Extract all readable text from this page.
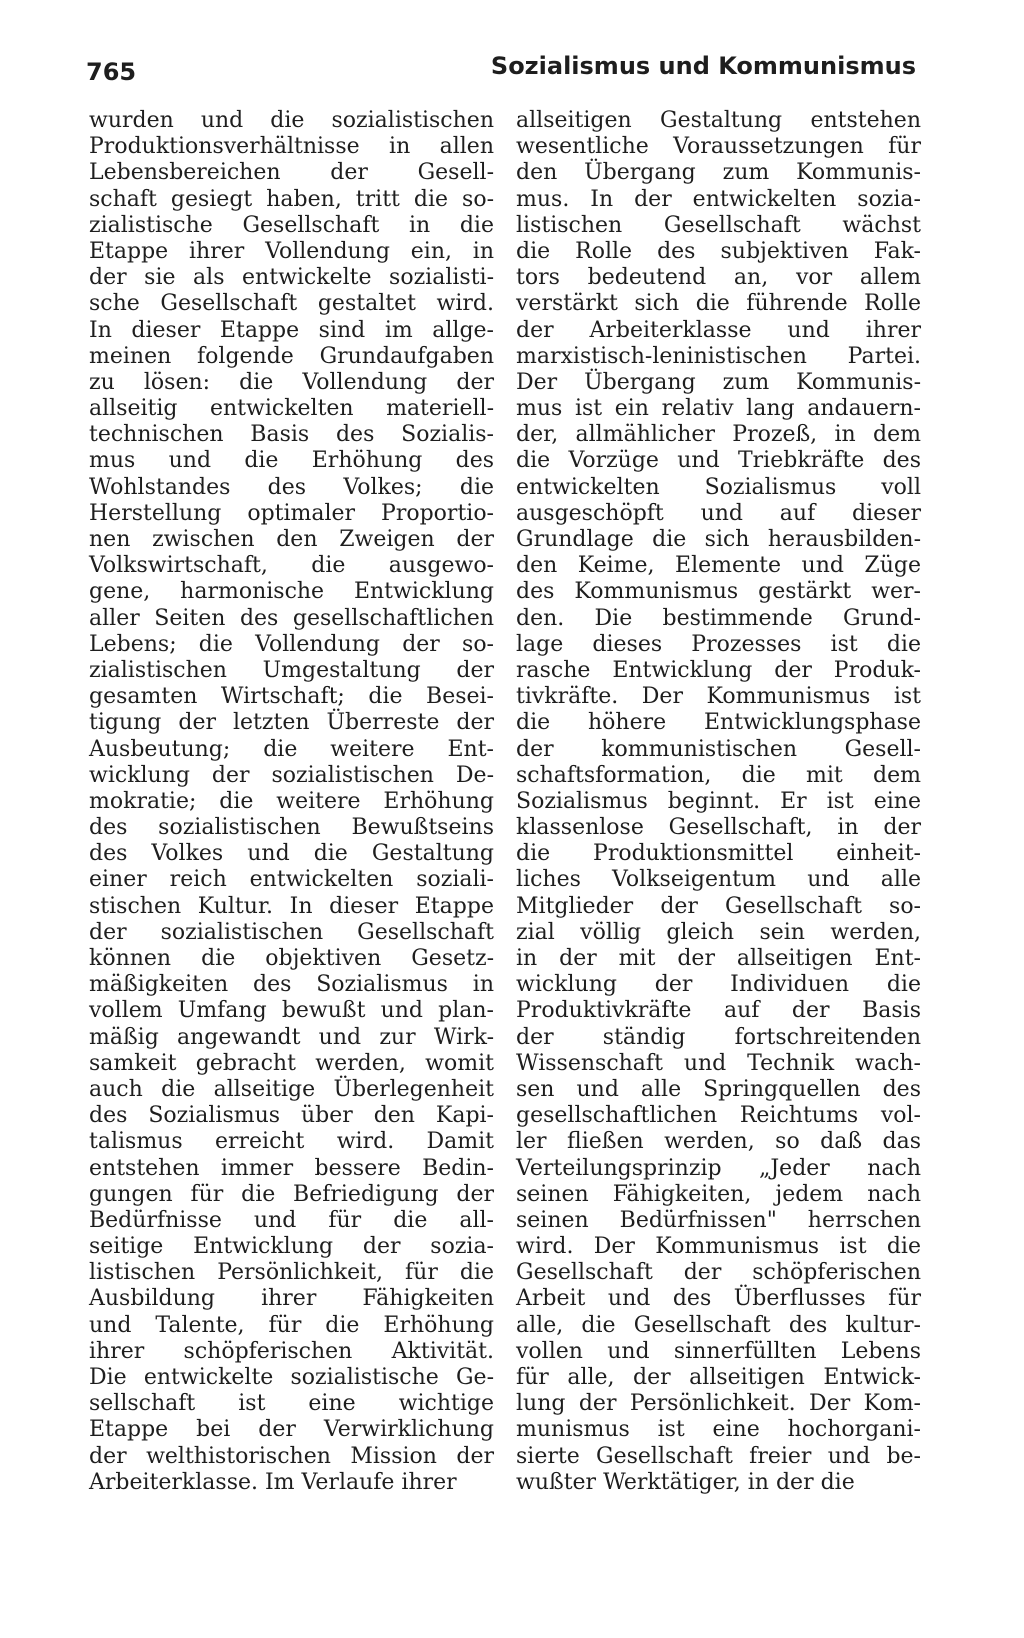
765	Sozialismus und Kommunismus
wurden und die sozialistischen
Produktionsverhältnisse in allen
Lebensbereichen der Gesell-
schaft gesiegt haben, tritt die so-
zialistische Gesellschaft in die
Etappe ihrer Vollendung ein, in
der sie als entwickelte sozialisti-
sche Gesellschaft gestaltet wird.
In dieser Etappe sind im allge-
meinen folgende Grundaufgaben
zu lösen: die Vollendung der
allseitig entwickelten materiell-
technischen Basis des Sozialis-
mus und die Erhöhung des
Wohlstandes des Volkes; die
Herstellung optimaler Proportio-
nen zwischen den Zweigen der
Volkswirtschaft, die ausgewo-
gene, harmonische Entwicklung
aller Seiten des gesellschaftlichen
Lebens; die Vollendung der so-
zialistischen Umgestaltung der
gesamten Wirtschaft; die Besei-
tigung der letzten Überreste der
Ausbeutung; die weitere Ent-
wicklung der sozialistischen De-
mokratie; die weitere Erhöhung
des sozialistischen Bewußtseins
des Volkes und die Gestaltung
einer reich entwickelten soziali-
stischen Kultur. In dieser Etappe
der sozialistischen Gesellschaft
können die objektiven Gesetz-
mäßigkeiten des Sozialismus in
vollem Umfang bewußt und plan-
mäßig angewandt und zur Wirk-
samkeit gebracht werden, womit
auch die allseitige Überlegenheit
des Sozialismus über den Kapi-
talismus erreicht wird. Damit
entstehen immer bessere Bedin-
gungen für die Befriedigung der
Bedürfnisse und für die all-
seitige Entwicklung der sozia-
listischen Persönlichkeit, für die
Ausbildung ihrer Fähigkeiten
und Talente, für die Erhöhung
ihrer schöpferischen Aktivität.
Die entwickelte sozialistische Ge-
sellschaft ist eine wichtige
Etappe bei der Verwirklichung
der welthistorischen Mission der
Arbeiterklasse. Im Verlaufe ihrer
allseitigen Gestaltung entstehen
wesentliche Voraussetzungen für
den Übergang zum Kommunis-
mus. In der entwickelten sozia-
listischen Gesellschaft wächst
die Rolle des subjektiven Fak-
tors bedeutend an, vor allem
verstärkt sich die führende Rolle
der Arbeiterklasse und ihrer
marxistisch-leninistischen Partei.
Der Übergang zum Kommunis-
mus ist ein relativ lang andauern-
der, allmählicher Prozeß, in dem
die Vorzüge und Triebkräfte des
entwickelten Sozialismus voll
ausgeschöpft und auf dieser
Grundlage die sich herausbilden-
den Keime, Elemente und Züge
des Kommunismus gestärkt wer-
den. Die bestimmende Grund-
lage dieses Prozesses ist die
rasche Entwicklung der Produk-
tivkräfte. Der Kommunismus ist
die höhere Entwicklungsphase
der kommunistischen Gesell-
schaftsformation, die mit dem
Sozialismus beginnt. Er ist eine
klassenlose Gesellschaft, in der
die Produktionsmittel einheit-
liches Volkseigentum und alle
Mitglieder der Gesellschaft so-
zial völlig gleich sein werden,
in der mit der allseitigen Ent-
wicklung der Individuen die
Produktivkräfte auf der Basis
der ständig fortschreitenden
Wissenschaft und Technik wach-
sen und alle Springquellen des
gesellschaftlichen Reichtums vol-
ler fließen werden, so daß das
Verteilungsprinzip „Jeder nach
seinen Fähigkeiten, jedem nach
seinen Bedürfnissen" herrschen
wird. Der Kommunismus ist die
Gesellschaft der schöpferischen
Arbeit und des Überflusses für
alle, die Gesellschaft des kultur-
vollen und sinnerfüllten Lebens
für alle, der allseitigen Entwick-
lung der Persönlichkeit. Der Kom-
munismus ist eine hochorgani-
sierte Gesellschaft freier und be-
wußter Werktätiger, in der die
